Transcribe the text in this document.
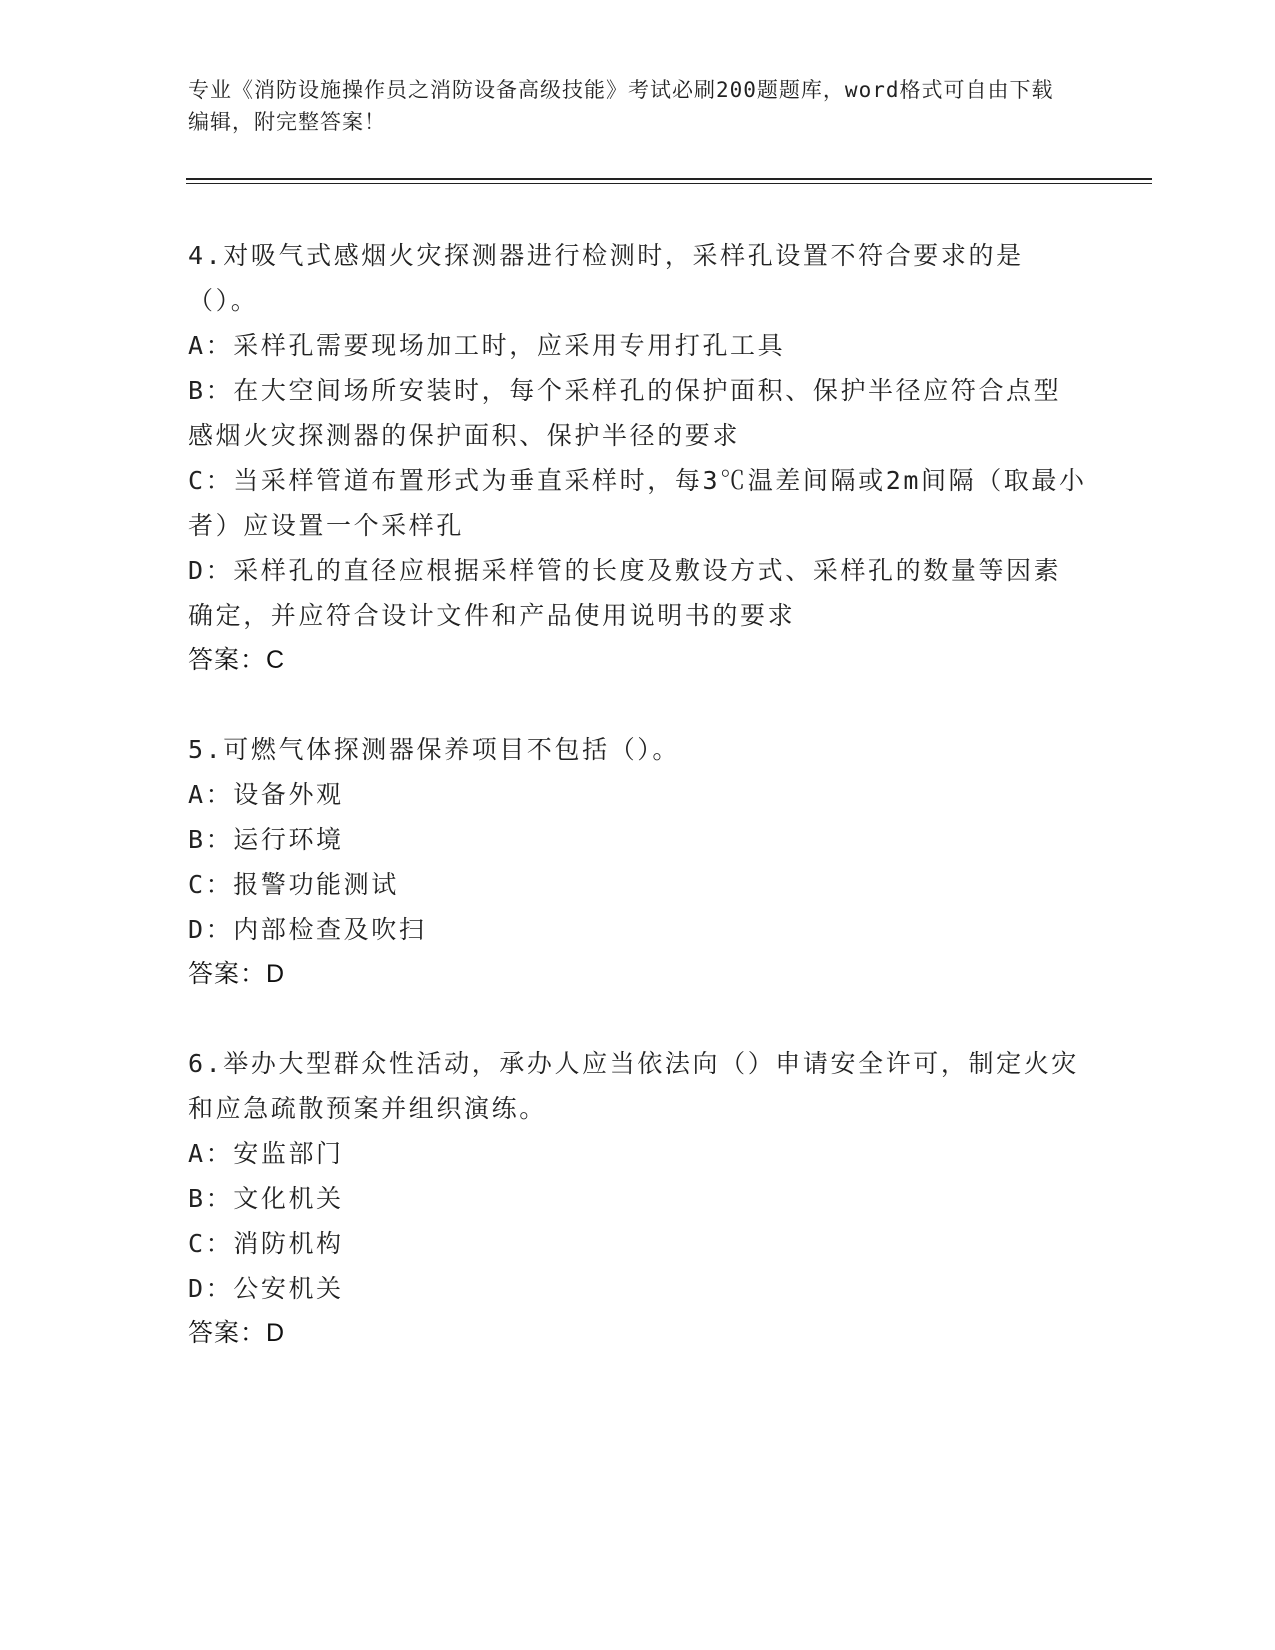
专业《消防设施操作员之消防设备高级技能》考试必刷200题题库，word格式可自由下载编辑，附完整答案！

4.对吸气式感烟火灾探测器进行检测时，采样孔设置不符合要求的是（）。

A：采样孔需要现场加工时，应采用专用打孔工具

B：在大空间场所安装时，每个采样孔的保护面积、保护半径应符合点型感烟火灾探测器的保护面积、保护半径的要求

C：当采样管道布置形式为垂直采样时，每3℃温差间隔或2m间隔（取最小者）应设置一个采样孔

D：采样孔的直径应根据采样管的长度及敷设方式、采样孔的数量等因素确定，并应符合设计文件和产品使用说明书的要求

答案：C

5.可燃气体探测器保养项目不包括（）。

A：设备外观

B：运行环境

C：报警功能测试

D：内部检查及吹扫

答案：D

6.举办大型群众性活动，承办人应当依法向（）申请安全许可，制定火灾和应急疏散预案并组织演练。

A：安监部门

B：文化机关

C：消防机构

D：公安机关

答案：D
